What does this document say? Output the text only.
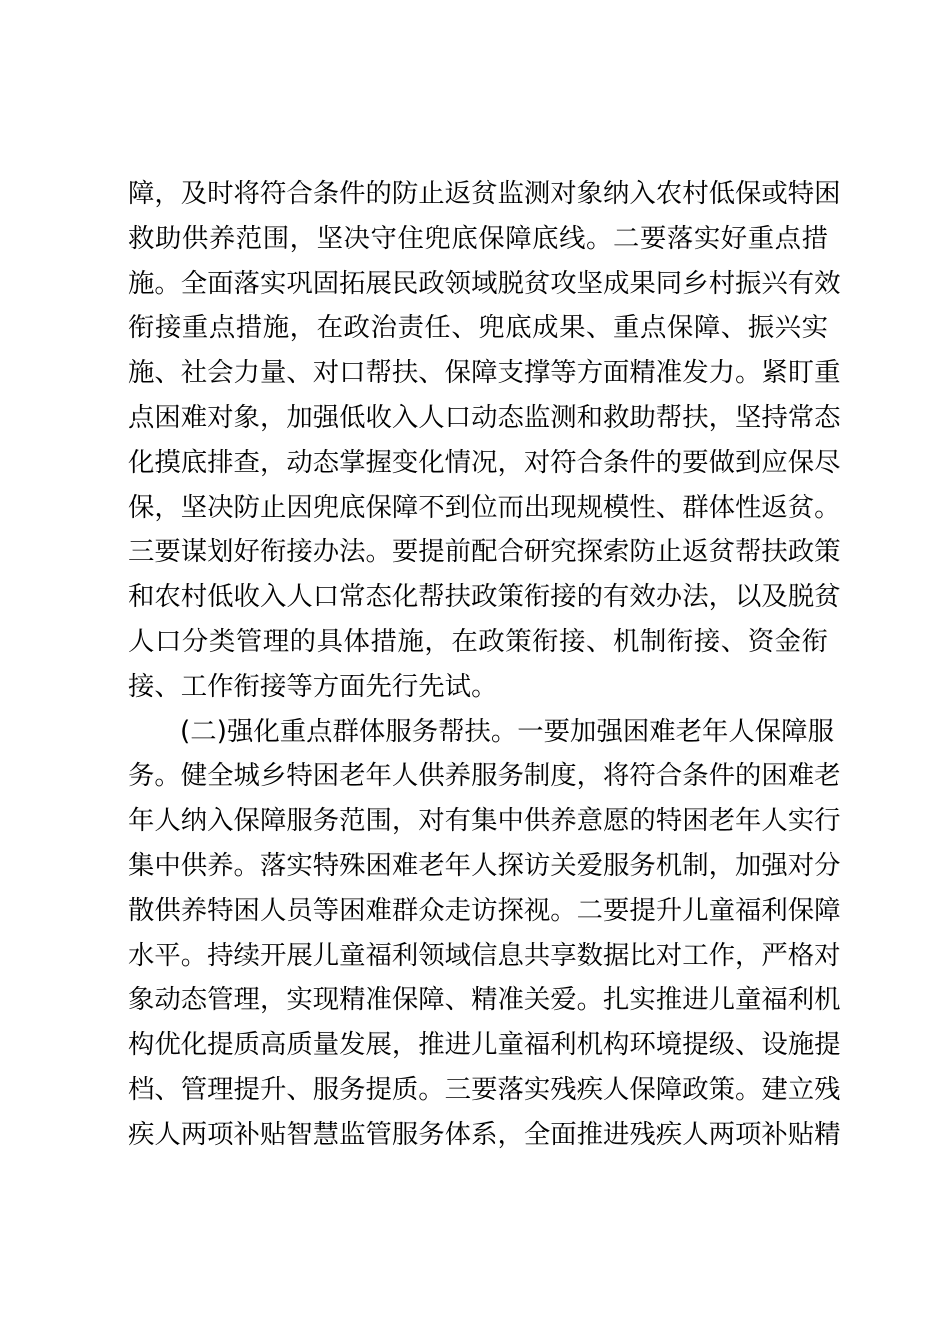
障，及时将符合条件的防止返贫监测对象纳入农村低保或特困
救助供养范围，坚决守住兜底保障底线。二要落实好重点措
施。全面落实巩固拓展民政领域脱贫攻坚成果同乡村振兴有效
衔接重点措施，在政治责任、兜底成果、重点保障、振兴实
施、社会力量、对口帮扶、保障支撑等方面精准发力。紧盯重
点困难对象，加强低收入人口动态监测和救助帮扶，坚持常态
化摸底排查，动态掌握变化情况，对符合条件的要做到应保尽
保，坚决防止因兜底保障不到位而出现规模性、群体性返贫。
三要谋划好衔接办法。要提前配合研究探索防止返贫帮扶政策
和农村低收入人口常态化帮扶政策衔接的有效办法，以及脱贫
人口分类管理的具体措施，在政策衔接、机制衔接、资金衔
接、工作衔接等方面先行先试。
(二)强化重点群体服务帮扶。一要加强困难老年人保障服
务。健全城乡特困老年人供养服务制度，将符合条件的困难老
年人纳入保障服务范围，对有集中供养意愿的特困老年人实行
集中供养。落实特殊困难老年人探访关爱服务机制，加强对分
散供养特困人员等困难群众走访探视。二要提升儿童福利保障
水平。持续开展儿童福利领域信息共享数据比对工作，严格对
象动态管理，实现精准保障、精准关爱。扎实推进儿童福利机
构优化提质高质量发展，推进儿童福利机构环境提级、设施提
档、管理提升、服务提质。三要落实残疾人保障政策。建立残
疾人两项补贴智慧监管服务体系，全面推进残疾人两项补贴精
